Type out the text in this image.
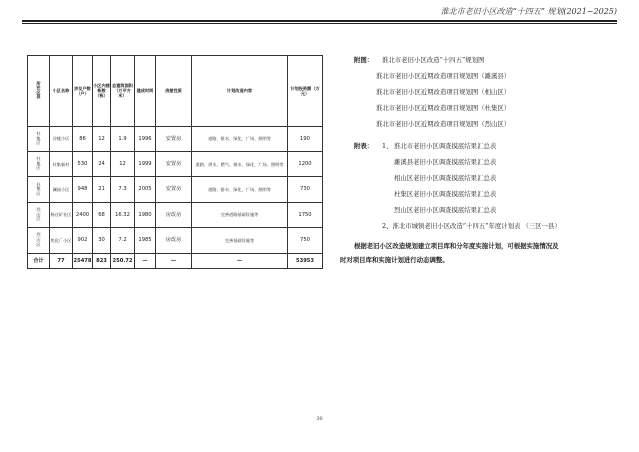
淮北市老旧小区改造“十四五” 规划(2021~2025)
所在区县	小区名称	涉及户数（户）	小区内楼栋数（栋）	总建筑面积（万平方米）	建成时间	房屋性质	计划改造内容	计划投资额（万元）
杜集区	谷楼小区	86	12	1.9	1996	安置房	道路、排水、绿化、广场、照明等	190
杜集区	杜集新村	530	24	12	1999	安置房	道路、供水、燃气、排水、绿化、广场、照明等	1200
杜集区	澜园小区	948	21	7.3	2005	安置房	道路、排水、绿化、广场、照明等	730
烈山区	杨庄矿社区	2400	68	16.32	1980	房改房	完善道路基础设施等	1750
烈山区	焦化厂小区	902	30	7.2	1985	房改房	完善基础设施等	750
合计	77	25478	823	250.72	—	—	—	53953
附图： 淮北市老旧小区改造“十四五”规划图
淮北市老旧小区近期改造项目规划图（濉溪县）
淮北市老旧小区近期改造项目规划图（相山区）
淮北市老旧小区近期改造项目规划图（杜集区）
淮北市老旧小区近期改造项目规划图（烈山区）
附表： 1、 淮北市老旧小区调查摸底结果汇总表
濉溪县老旧小区调查摸底结果汇总表
相山区老旧小区调查摸底结果汇总表
杜集区老旧小区调查摸底结果汇总表
烈山区老旧小区调查摸底结果汇总表
2、淮北市城镇老旧小区改造“十四五”年度计划表 （三区一县）
根据老旧小区改造规划建立项目库和分年度实施计划，可根据实施情况及
时对项目库和实施计划进行动态调整。
30
